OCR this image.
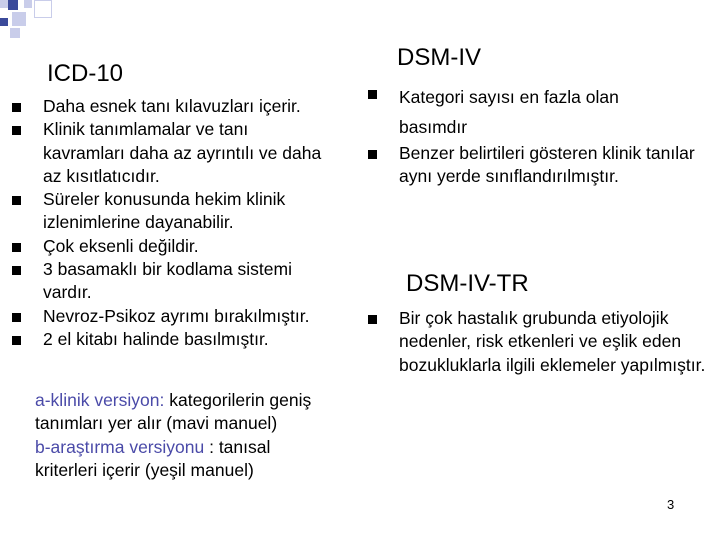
ICD-10
Daha esnek tanı kılavuzları içerir.
Klinik tanımlamalar ve tanı kavramları daha az ayrıntılı ve daha az kısıtlatıcıdır.
Süreler konusunda hekim klinik izlenimlerine dayanabilir.
Çok eksenli değildir.
3 basamaklı bir kodlama sistemi vardır.
Nevroz-Psikoz ayrımı bırakılmıştır.
2 el kitabı halinde basılmıştır.
a-klinik versiyon: kategorilerin geniş tanımları yer alır (mavi manuel)
b-araştırma versiyonu : tanısal kriterleri içerir (yeşil manuel)
DSM-IV
Kategori sayısı en fazla olan basımdır
Benzer belirtileri gösteren klinik tanılar aynı yerde sınıflandırılmıştır.
DSM-IV-TR
Bir çok hastalık grubunda etiyolojik nedenler, risk etkenleri ve eşlik eden bozukluklarla ilgili eklemeler yapılmıştır.
3
